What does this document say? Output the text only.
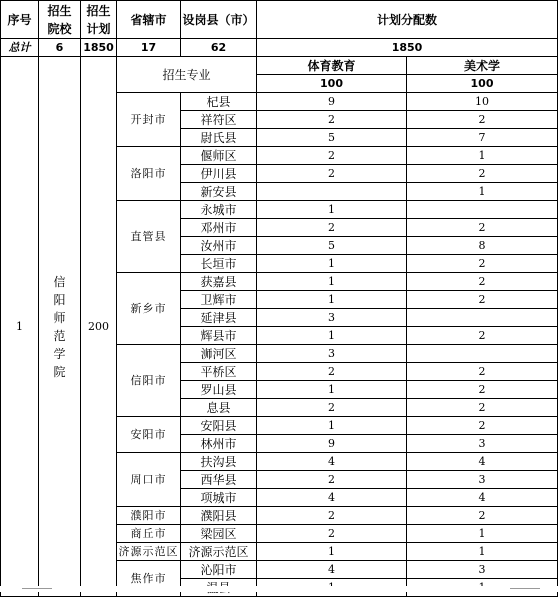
序号	招生院校	招生计划	省辖市	设岗县（市）	计划分配数	
总计	6	1850	17	62	1850	
1	信阳师范学院	200	招生专业		体育教育	美术学
					100	100
			开封市	杞县	9	10
				祥符区	2	2
				尉氏县	5	7
			洛阳市	偃师区	2	1
				伊川县	2	2
				新安县		1
			直管县	永城市	1	
				邓州市	2	2
				汝州市	5	8
				长垣市	1	2
			新乡市	获嘉县	1	2
				卫辉市	1	2
				延津县	3	
				辉县市	1	2
			信阳市	浉河区	3	
				平桥区	2	2
				罗山县	1	2
				息县	2	2
			安阳市	安阳县	1	2
				林州市	9	3
			周口市	扶沟县	4	4
				西华县	2	3
				项城市	4	4
			濮阳市	濮阳县	2	2
			商丘市	梁园区	2	1
			济源示范区	济源示范区	1	1
			焦作市	沁阳市	4	3
